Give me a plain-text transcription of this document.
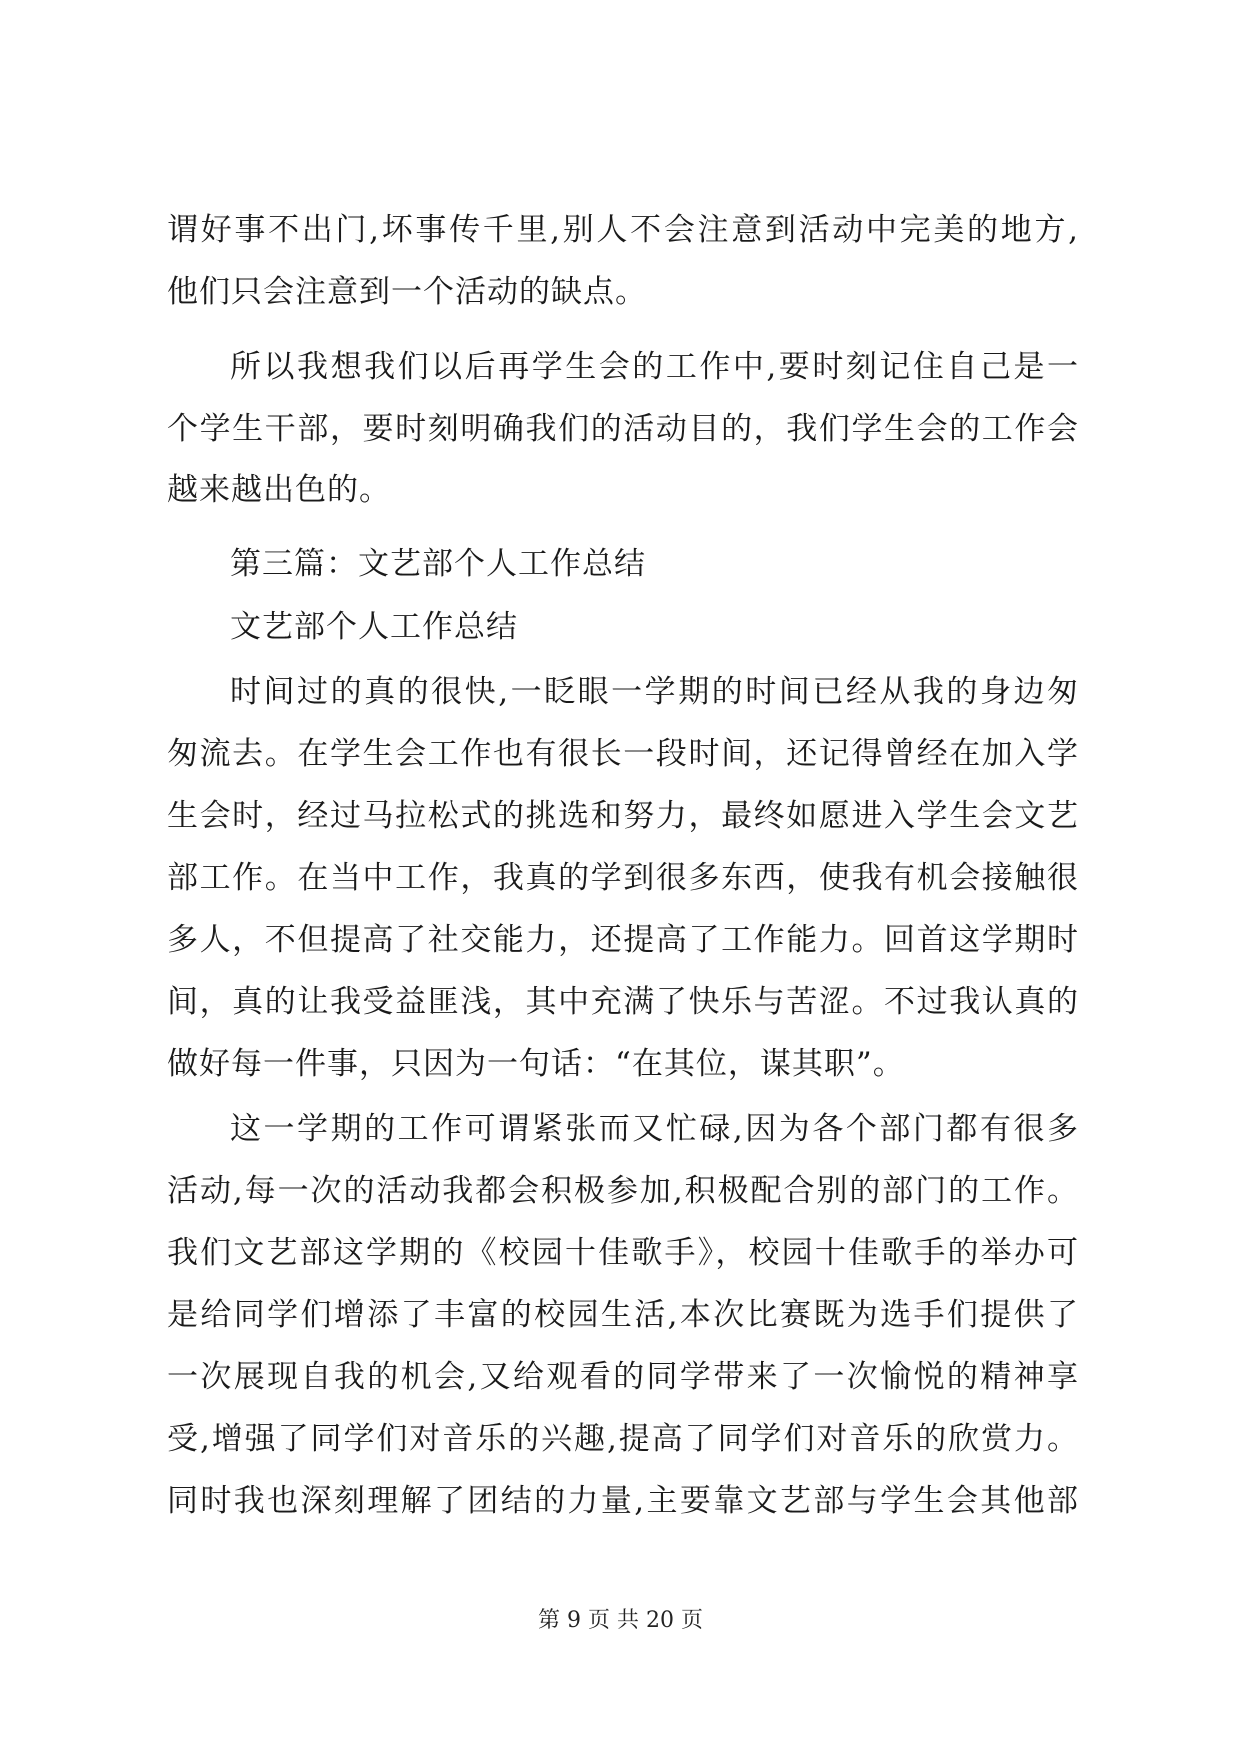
谓好事不出门,坏事传千里,别人不会注意到活动中完美的地方,
他们只会注意到一个活动的缺点。
所以我想我们以后再学生会的工作中,要时刻记住自己是一
个学生干部，要时刻明确我们的活动目的，我们学生会的工作会
越来越出色的。
第三篇：文艺部个人工作总结
文艺部个人工作总结
时间过的真的很快,一眨眼一学期的时间已经从我的身边匆
匆流去。在学生会工作也有很长一段时间，还记得曾经在加入学
生会时，经过马拉松式的挑选和努力，最终如愿进入学生会文艺
部工作。在当中工作，我真的学到很多东西，使我有机会接触很
多人，不但提高了社交能力，还提高了工作能力。回首这学期时
间，真的让我受益匪浅，其中充满了快乐与苦涩。不过我认真的
做好每一件事，只因为一句话：“在其位，谋其职”。
这一学期的工作可谓紧张而又忙碌,因为各个部门都有很多
活动,每一次的活动我都会积极参加,积极配合别的部门的工作。
我们文艺部这学期的《校园十佳歌手》，校园十佳歌手的举办可
是给同学们增添了丰富的校园生活,本次比赛既为选手们提供了
一次展现自我的机会,又给观看的同学带来了一次愉悦的精神享
受,增强了同学们对音乐的兴趣,提高了同学们对音乐的欣赏力。
同时我也深刻理解了团结的力量,主要靠文艺部与学生会其他部
第 9 页 共 20 页
